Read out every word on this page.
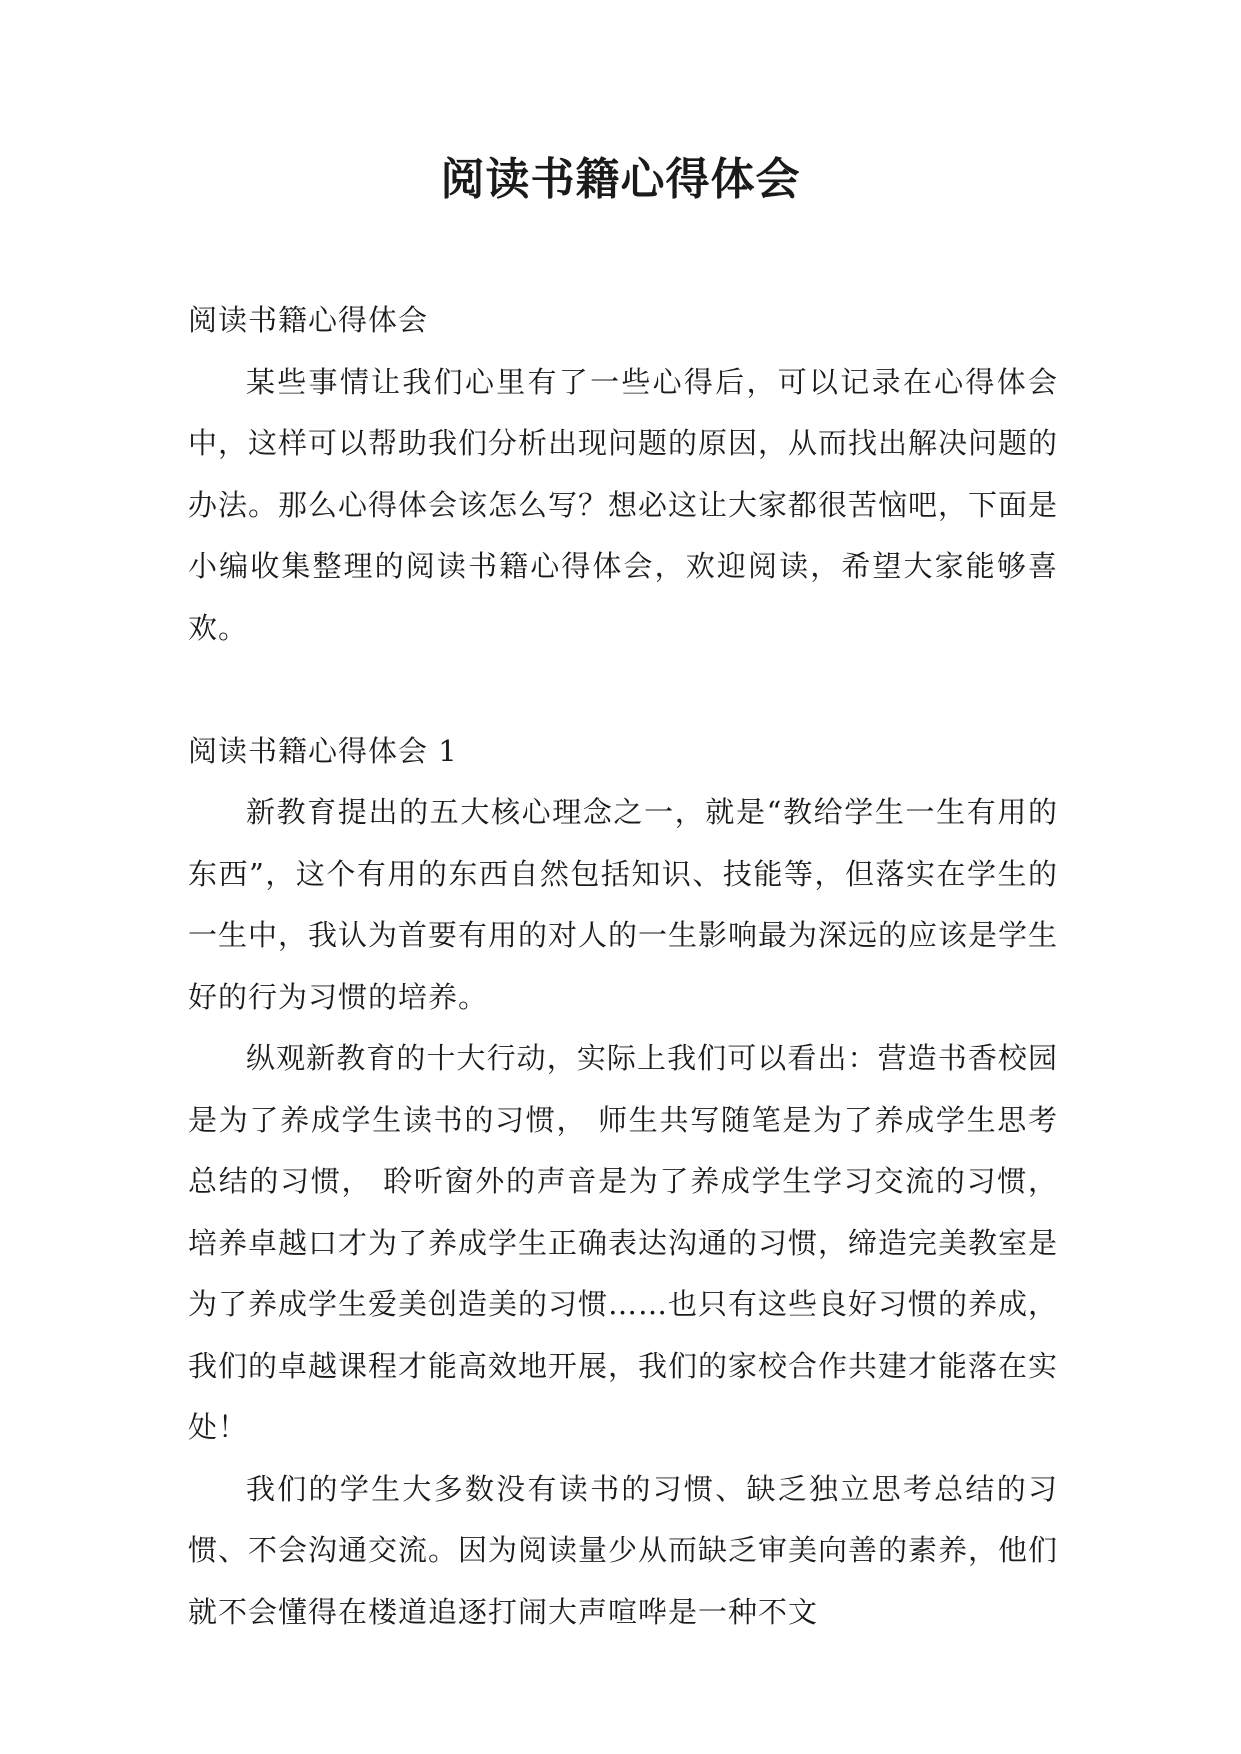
阅读书籍心得体会

阅读书籍心得体会

某些事情让我们心里有了一些心得后，可以记录在心得体会中，这样可以帮助我们分析出现问题的原因，从而找出解决问题的办法。那么心得体会该怎么写？想必这让大家都很苦恼吧，下面是小编收集整理的阅读书籍心得体会，欢迎阅读，希望大家能够喜欢。

阅读书籍心得体会 1

新教育提出的五大核心理念之一，就是“教给学生一生有用的东西”，这个有用的东西自然包括知识、技能等，但落实在学生的一生中，我认为首要有用的对人的一生影响最为深远的应该是学生好的行为习惯的培养。

纵观新教育的十大行动，实际上我们可以看出：营造书香校园是为了养成学生读书的习惯， 师生共写随笔是为了养成学生思考总结的习惯， 聆听窗外的声音是为了养成学生学习交流的习惯， 培养卓越口才为了养成学生正确表达沟通的习惯，缔造完美教室是为了养成学生爱美创造美的习惯……也只有这些良好习惯的养成，我们的卓越课程才能高效地开展，我们的家校合作共建才能落在实处！

我们的学生大多数没有读书的习惯、缺乏独立思考总结的习惯、不会沟通交流。因为阅读量少从而缺乏审美向善的素养，他们就不会懂得在楼道追逐打闹大声喧哗是一种不文
